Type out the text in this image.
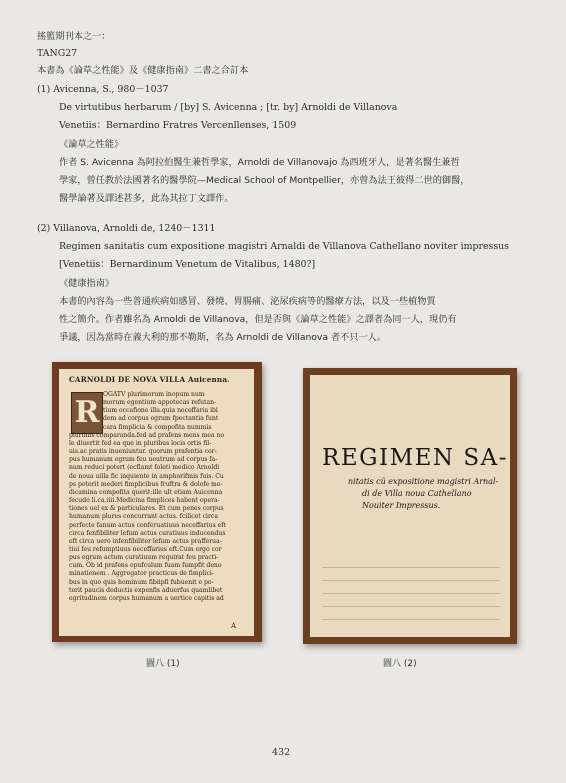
搖籃期刊本之一：
TANG27
本書為《論草之性能》及《健康指南》二書之合訂本
(1) Avicenna, S., 980－1037
De virtutibus herbarum / [by] S. Avicenna ; [tr. by] Arnoldi de Villanova
Venetiis：Bernardino Fratres Vercenllenses, 1509
《論草之性能》
作者 S. Avicenna 為阿拉伯醫生兼哲學家，Arnoldi de Villanovajo 為西班牙人，是著名醫生兼哲
學家，曾任教於法國著名的醫學院—Medical School of Montpellier，亦曾為法王彼得二世的御醫，
醫學論著及譯述甚多，此為其拉丁文譯作。
(2) Villanova, Arnoldi de, 1240－1311
Regimen sanitatis cum expositione magistri Arnaldi de Villanova Cathellano noviter impressus
[Venetiis：Bernardinum Venetum de Vitalibus, 1480?]
《健康指南》
本書的內容為一些普通疾病如感冒、發燒、胃腸痛、泌尿疾病等的醫療方法，以及一些植物質
性之簡介。作者雖名為 Arnoldi de Villanova，但是否與《論草之性能》之譯者為同一人，現仍有
爭議，因為當時在義大利的那不勒斯，名為 Arnoldi de Villanova 者不只一人。
CARNOLDI DE NOVA VILLA Auicenna.
R
OGATV plurimorum inopum num
morum egentium appotecas refutan-
tium occafione illa.quia neceffaria ibi
dem ad corpus egrum fpectantia funt
cara fimplicia & compofita nummis
plurimis comparanda.fed ad prafens mens mea no
le diuertit fed ea que in pluribus locis ortis fil-
uis.ac pratis inueniuntur. quorum prafentia cor-
pus humanum egrum feu neutrum ad corpus fa-
num reduci potert (ecflamt foleti medico Arnoldi
de noua uilla fic inquiente in amphorifmis fuis. Cu
ps poterit mederi fimplicibus fruftra & dolofe me-
dicamina compofita querit:ille ult etiam Auicenna
fecudo li.ca.iiii.Medicina fimplices habent opera-
tiones uel ex & particulares. Et cum penes corpus
humanum plures concurrant actus. fcilicet circa
perfecte fanum actus conferuatiuus neceffarius eft
circa fenfibiliter lefum actus curatiuus inducendus
eft circa uero infenfibiliter lefum actus prafferua-
tiui feu refumptiuus neceffarius eft.Cum ergo cor
pus egrum actum curatiuum requirat feu practi-
cum. Ob id prafens opufculum fuam fumpfit deno
minationem . Aggregator practicus de fimplici-
bus in quo quis hominum fibiipfi fubuenit e po-
terit paucis deductis expenfis aduerfus quamlibet
egritudinem corpus humanum a uertice capitis ad
A
REGIMEN SA-
nitatis cũ expositione magistri Arnal-
di de Villa noua Cathellano
Nouiter Impressus.
圖八 (1)	圖八 (2)
432
